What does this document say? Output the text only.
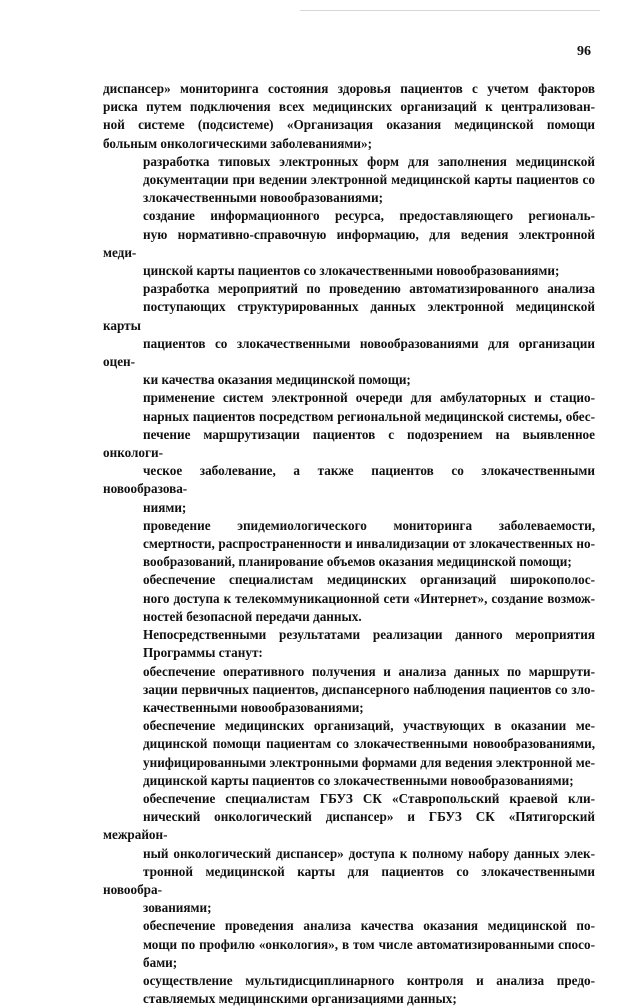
96

диспансер» мониторинга состояния здоровья пациентов с учетом факторов
риска путем подключения всех медицинских организаций к централизован-
ной системе (подсистеме) «Организация оказания медицинской помощи
больным онкологическими заболеваниями»;

разработка типовых электронных форм для заполнения медицинской
документации при ведении электронной медицинской карты пациентов со
злокачественными новообразованиями;

создание информационного ресурса, предоставляющего региональ-
ную нормативно-справочную информацию, для ведения электронной меди-
цинской карты пациентов со злокачественными новообразованиями;

разработка мероприятий по проведению автоматизированного анализа
поступающих структурированных данных электронной медицинской карты
пациентов со злокачественными новообразованиями для организации оцен-
ки качества оказания медицинской помощи;

применение систем электронной очереди для амбулаторных и стацио-
нарных пациентов посредством региональной медицинской системы, обес-
печение маршрутизации пациентов с подозрением на выявленное онкологи-
ческое заболевание, а также пациентов со злокачественными новообразова-
ниями;

проведение эпидемиологического мониторинга заболеваемости,
смертности, распространенности и инвалидизации от злокачественных но-
вообразований, планирование объемов оказания медицинской помощи;

обеспечение специалистам медицинских организаций широкополос-
ного доступа к телекоммуникационной сети «Интернет», создание возмож-
ностей безопасной передачи данных.

Непосредственными результатами реализации данного мероприятия
Программы станут:

обеспечение оперативного получения и анализа данных по маршрути-
зации первичных пациентов, диспансерного наблюдения пациентов со зло-
качественными новообразованиями;

обеспечение медицинских организаций, участвующих в оказании ме-
дицинской помощи пациентам со злокачественными новообразованиями,
унифицированными электронными формами для ведения электронной ме-
дицинской карты пациентов со злокачественными новообразованиями;

обеспечение специалистам ГБУЗ СК «Ставропольский краевой кли-
нический онкологический диспансер» и ГБУЗ СК «Пятигорский межрайон-
ный онкологический диспансер» доступа к полному набору данных элек-
тронной медицинской карты для пациентов со злокачественными новообра-
зованиями;

обеспечение проведения анализа качества оказания медицинской по-
мощи по профилю «онкология», в том числе автоматизированными спосо-
бами;

осуществление мультидисциплинарного контроля и анализа предо-
ставляемых медицинскими организациями данных;
